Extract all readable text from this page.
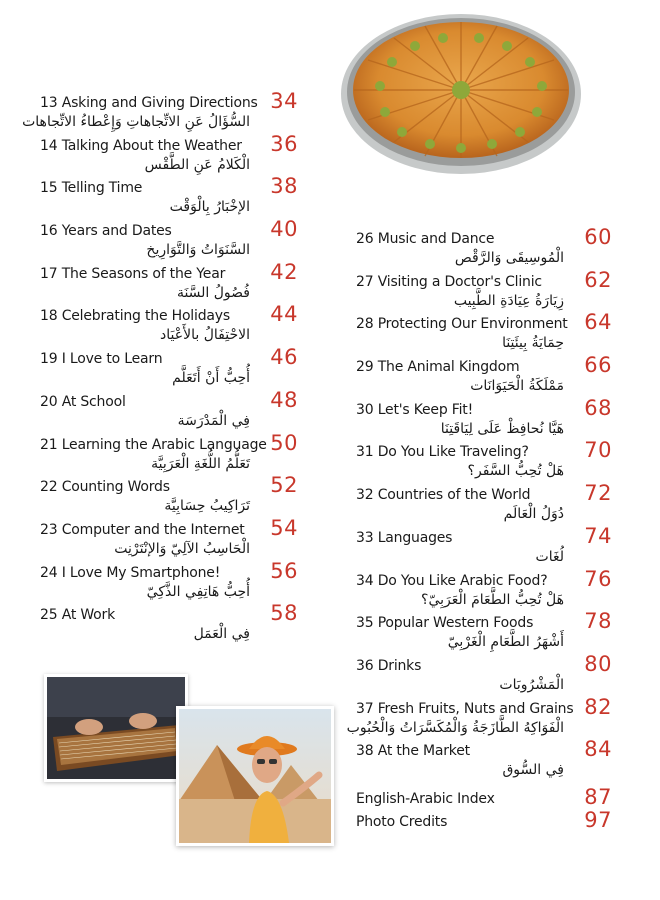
13 Asking and Giving Directions
السُّؤَالُ عَنِ الاتِّجاهاتِ وَإِعْطاءُ الاتِّجاهات
34
14 Talking About the Weather
الْكَلامُ عَنِ الطَّقْس
36
15 Telling Time
الإخْبَارُ بِالْوَقْت
38
16 Years and Dates
السَّنَوَاتُ وَالتَّوَارِيخ
40
17 The Seasons of the Year
فُصُولُ السَّنَة
42
18 Celebrating the Holidays
الاحْتِفَالُ بالأَعْيَاد
44
19 I Love to Learn
أُحِبُّ أَنْ أَتَعَلَّم
46
20 At School
فِي الْمَدْرَسَة
48
21 Learning the Arabic Language
تَعَلُّمُ اللُّغَةِ الْعَرَبِيَّة
50
22 Counting Words
تَرَاكِيبُ حِسَابِيَّة
52
23 Computer and the Internet
الْحَاسِبُ الآلِيّ وَالإنْتَرْنِت
54
24 I Love My Smartphone!
أُحِبُّ هَاتِفِي الذَّكِيّ
56
25 At Work
فِي الْعَمَل
58
26 Music and Dance
الْمُوسِيقَى وَالرَّقْص
60
27 Visiting a Doctor's Clinic
زِيَارَةُ عِيَادَةِ الطَّبِيب
62
28 Protecting Our Environment
حِمَايَةُ بِيئَتِنَا
64
29 The Animal Kingdom
مَمْلَكَةُ الْحَيَوَانَات
66
30 Let's Keep Fit!
هَيَّا نُحافِظْ عَلَى لِيَاقَتِنَا
68
31 Do You Like Traveling?
هَلْ تُحِبُّ السَّفَر؟
70
32 Countries of the World
دُوَلُ الْعَالَم
72
33 Languages
لُغَات
74
34 Do You Like Arabic Food?
هَلْ تُحِبُّ الطَّعَامَ الْعَرَبِيّ؟
76
35 Popular Western Foods
أَشْهَرُ الطَّعَامِ الْغَرْبِيّ
78
36 Drinks
الْمَشْرُوبَات
80
37 Fresh Fruits, Nuts and Grains
الْفَوَاكِهُ الطَّازَجَةُ وَالْمُكَسَّرَاتُ وَالْحُبُوب
82
38 At the Market
فِي السُّوق
84
English-Arabic Index	87
Photo Credits	97
